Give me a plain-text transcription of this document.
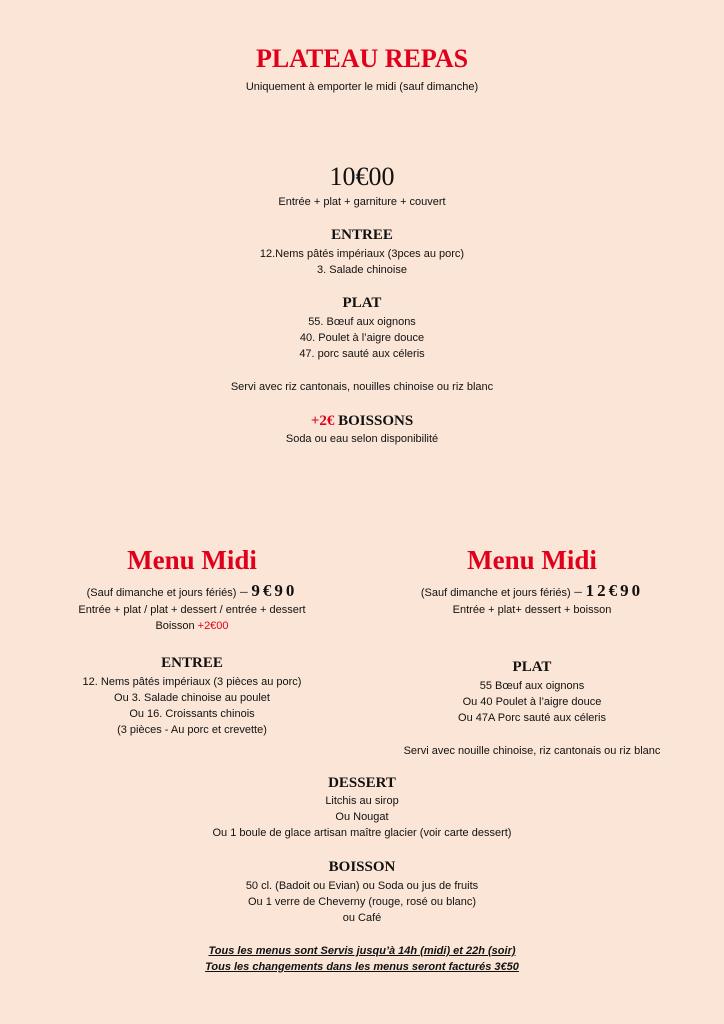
PLATEAU REPAS
Uniquement à emporter le midi (sauf dimanche)
10€00
Entrée + plat + garniture + couvert
ENTREE
12.Nems pâtés impériaux (3pces au porc)
3. Salade chinoise
PLAT
55. Bœuf aux oignons
40. Poulet à l’aigre douce
47. porc sauté aux céleris
Servi avec riz cantonais, nouilles chinoise ou riz blanc
+2€ BOISSONS
Soda ou eau selon disponibilité
Menu Midi
(Sauf dimanche et jours fériés) – 9€90
Entrée + plat / plat + dessert / entrée + dessert
Boisson +2€00
ENTREE
12. Nems pâtés impériaux (3 pièces au porc)
Ou 3. Salade chinoise au poulet
Ou 16. Croissants chinois
(3 pièces - Au porc et crevette)
Menu Midi
(Sauf dimanche et jours fériés) – 12€90
Entrée + plat+ dessert + boisson
PLAT
55 Bœuf aux oignons
Ou 40 Poulet à l’aigre douce
Ou 47A Porc sauté aux céleris
Servi avec nouille chinoise, riz cantonais ou riz blanc
DESSERT
Litchis au sirop
Ou Nougat
Ou 1 boule de glace artisan maître glacier (voir carte dessert)
BOISSON
50 cl. (Badoit ou Evian) ou Soda ou jus de fruits
Ou 1 verre de Cheverny (rouge, rosé ou blanc)
ou Café
Tous les menus sont Servis jusqu’à 14h (midi) et 22h (soir)
Tous les changements dans les menus seront facturés 3€50
